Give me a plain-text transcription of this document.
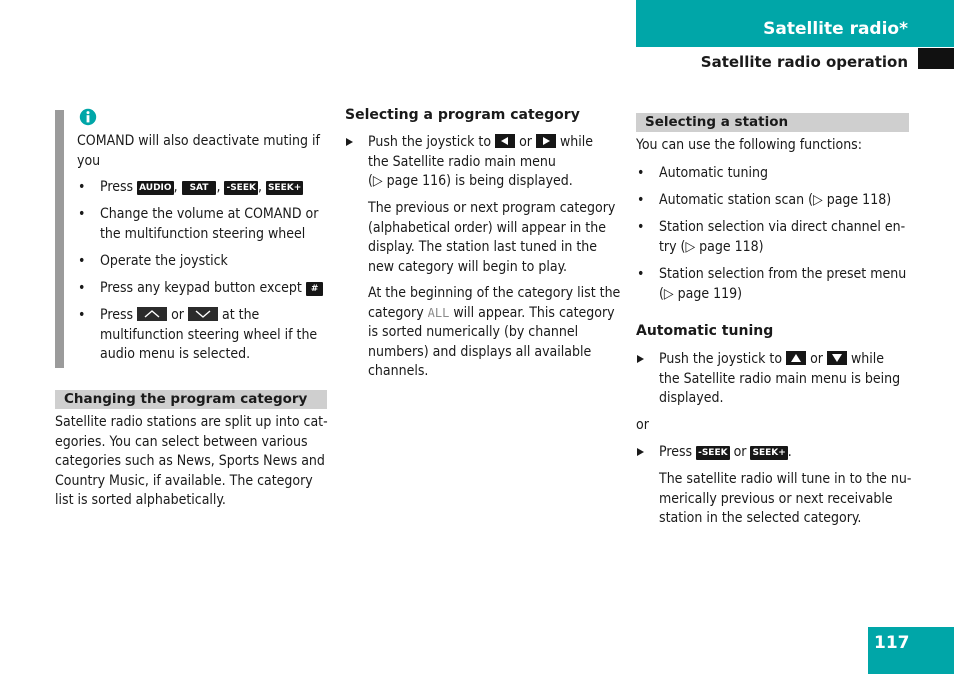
Satellite radio*
Satellite radio operation

COMAND will also deactivate muting if you

• Press AUDIO , SAT , -SEEK , SEEK+
• Change the volume at COMAND or the multifunction steering wheel
• Operate the joystick
• Press any keypad button except #
• Press	or	at the
multifunction steering wheel if the
audio menu is selected.
Changing the program category
Satellite radio stations are split up into cat-
egories. You can select between various
categories such as News, Sports News and
Country Music, if available. The category
list is sorted alphabetically.
Selecting a program category
Push the joystick to or while
the Satellite radio main menu
(▷ page 116) is being displayed.
The previous or next program category
(alphabetical order) will appear in the
display. The station last tuned in the
new category will begin to play.
At the beginning of the category list the
category ALL will appear. This category
is sorted numerically (by channel
numbers) and displays all available
channels.
Selecting a station

You can use the following functions:

• Automatic tuning
• Automatic station scan (▷ page 118)
• Station selection via direct channel en-
try (▷ page 118)
• Station selection from the preset menu
(▷ page 119)
Automatic tuning
Push the joystick to or while
the Satellite radio main menu is being
displayed.

or

Press -SEEK or SEEK+ .
The satellite radio will tune in to the nu-
merically previous or next receivable
station in the selected category.
117
